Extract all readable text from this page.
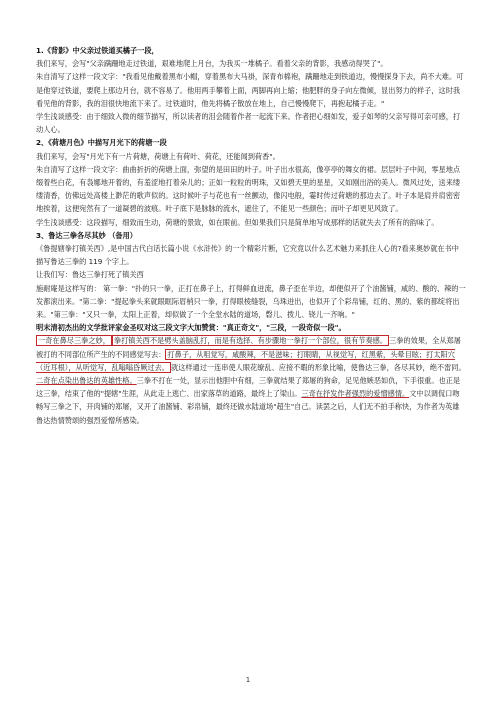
1.《背影》中父亲过铁道买橘子一段，

我们来写，会写"父亲蹒跚地走过铁道，艰难地爬上月台，为我买一堆橘子。看着父亲的背影，我感动得哭了"。

朱自清写了这样一段文字："我看见他戴着黑布小帽，穿着黑布大马褂，深青布棉袍，蹒跚地走到铁道边，慢慢探身下去，尚不大难。可是他穿过铁道，要爬上那边月台，就不容易了。他用两手攀着上面，两脚再向上缩；他肥胖的身子向左微倾，显出努力的样子，这时我看见他的背影，我的泪很快地流下来了。过铁道时，他先将橘子散放在地上，自己慢慢爬下，再抱起橘子走。"

学生浅谈感受：由于细致入微的细节描写，所以读者的泪会随着作者一起流下来。作者把心细如发，爱子如琴的父亲写得可亲可感，打动人心。

2、《荷塘月色》中描写月光下的荷塘一段

我们来写，会写"月光下有一片荷塘，荷塘上有荷叶、荷花，还能闻到荷香"。

朱自清写了这样一段文字：曲曲折折的荷塘上面，弥望的是田田的叶子。叶子出水很高，像亭亭的舞女的裙。层层叶子中间，零星地点缀着些白花，有袅娜地开着的，有羞涩地打着朵儿的；正如一粒粒的明珠，又如碧天里的星星，又如刚出浴的美人。微风过处，送来缕缕清香，仿佛远处高楼上渺茫的歌声似的。这时候叶子与花也有一丝颤动，像闪电般，霎时传过荷塘的那边去了。叶子本是肩并肩密密地挨着，这便宛然有了一道凝碧的波痕。叶子底下是脉脉的流水，遮住了，不能见一些颜色；而叶子却更见风致了。

学生浅谈感受：这段描写，细致而生动，荷塘的景致，如在眼前。但如果我们只是简单地写成那样的话就失去了所有的韵味了。

3、鲁达三拳各尽其妙 （备用）

《鲁提辖拳打镇关西》,是中国古代白话长篇小说《水浒传》的一个精彩片断，它究竟以什么艺术魅力来抓住人心的?看来奥妙就在书中描写鲁达三拳的 119 个字上。

让我们写：鲁达三拳打死了镇关西

施耐庵是这样写的： 第一拳："扑的只一拳，正打在鼻子上，打得鲜血迸流，鼻子歪在半边，却便似开了个油酱铺，咸的、酸的、辣的一发都滚出来。"第二拳："提起拳头来就眼眶际眉梢只一拳，打得眼棱缝裂，乌珠迸出，也似开了个彩帛铺，红的、黑的、紫的都绽将出来。"第三拳："又只一拳，太阳上正着，却似做了一个全堂水陆的道场，磬儿、拨儿、铙儿一齐响。"

明末清初杰出的文学批评家金圣叹对这三段文字大加赞赏："真正奇文"，"三段，一段奇似一段"。

一奇在鼻尽三拳之妙， 拳打镇关西不是劈头盖脑乱打，而是有选择、有步骤地一拳打一个部位，很有节奏感。 三拳的效果，全从郑屠被打的不同部位所产生的不同感觉写去： 打鼻子，从咀觉写，咸酸辣，不是滋味；打眼睛，从视觉写，红黑紫，头晕目眩；打太阳穴（近耳根），从听觉写，乱嗡嗡昏厥过去。 就这样通过一连串使人眼花缭乱、应接不暇的形象比喻，使鲁达三拳，各尽其妙，绝不雷同。二奇在点染出鲁达的英雄性格。三拳不打在一处，显示出他胆中有细，三拳就结果了郑屠的狗命，足见他嫉恶如仇，下手很重。也正是这三拳，结束了他的"提辖"生涯，从此走上逃亡、出家落草的道路，最终上了梁山。三奇在抒发作者强烈的爱憎感情。文中以调侃口吻畅写三拳之下，开肉铺的郑屠，又开了油酱铺、彩帛铺，最终还做水陆道场"超生"自己。读罢之后，人们无不拍手称快，为作者为英雄鲁达热情赞颂的强烈爱憎所感染。

1
